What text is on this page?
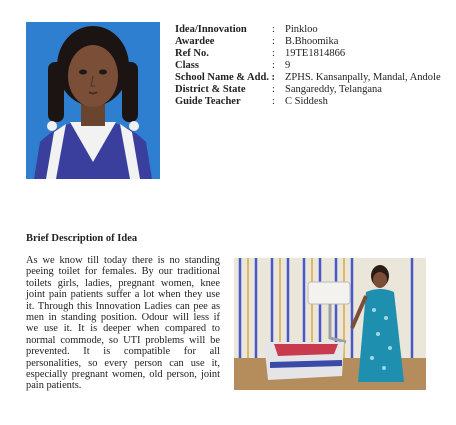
Idea/Innovation	: Pinkloo
Awardee	: B.Bhoomika
Ref No.	: 19TE1814866
Class	: 9
School Name & Add. : ZPHS. Kansanpally, Mandal, Andole
District & State	: Sangareddy, Telangana
Guide Teacher	: C Siddesh
Brief Description of Idea
As we know till today there is no standing peeing toilet for females. By our traditional toilets girls, ladies, pregnant women, knee joint pain patients suffer a lot when they use it. Through this Innovation Ladies can pee as men in standing position. Odour will less if we use it. It is deeper when compared to normal commode, so UTI problems will be prevented. It is compatible for all personalities, so every person can use it, especially pregnant women, old person, joint pain patients.
